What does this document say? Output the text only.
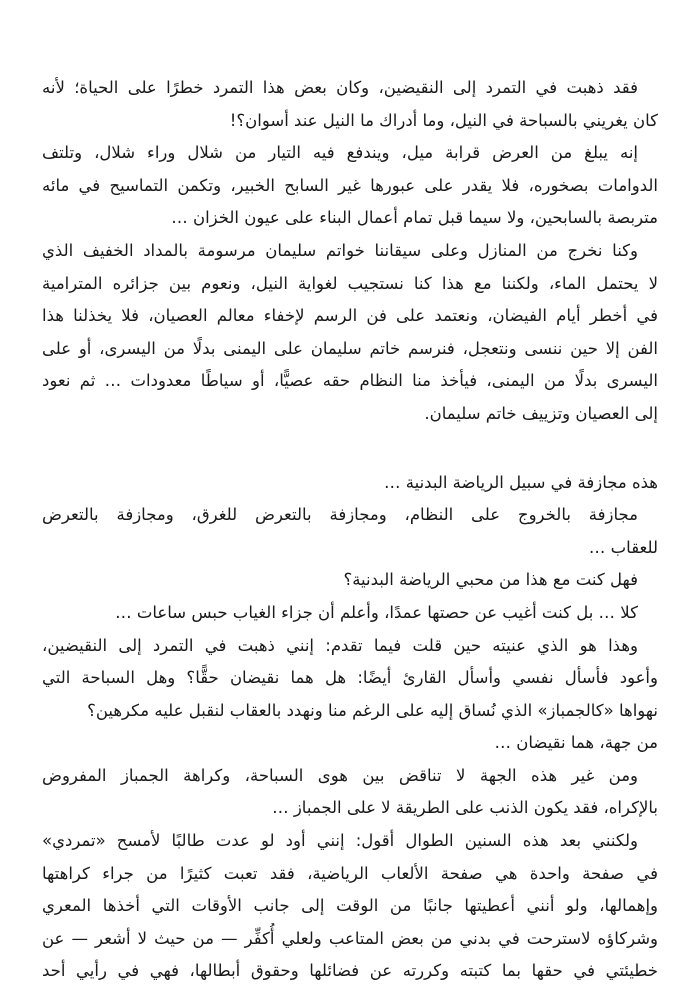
فقد ذهبت في التمرد إلى النقيضين، وكان بعض هذا التمرد خطرًا على الحياة؛ لأنه
كان يغريني بالسباحة في النيل، وما أدراك ما النيل عند أسوان؟!
إنه يبلغ من العرض قرابة ميل، ويندفع فيه التيار من شلال وراء شلال، وتلتف
الدوامات بصخوره، فلا يقدر على عبورها غير السابح الخبير، وتكمن التماسيح في مائه
متربصة بالسابحين، ولا سيما قبل تمام أعمال البناء على عيون الخزان …
وكنا نخرج من المنازل وعلى سيقاننا خواتم سليمان مرسومة بالمداد الخفيف الذي
لا يحتمل الماء، ولكننا مع هذا كنا نستجيب لغواية النيل، ونعوم بين جزائره المترامية
في أخطر أيام الفيضان، ونعتمد على فن الرسم لإخفاء معالم العصيان، فلا يخذلنا هذا
الفن إلا حين ننسى ونتعجل، فنرسم خاتم سليمان على اليمنى بدلًا من اليسرى، أو على
اليسرى بدلًا من اليمنى، فيأخذ منا النظام حقه عصيًّا، أو سياطًا معدودات … ثم نعود
إلى العصيان وتزييف خاتم سليمان.
هذه مجازفة في سبيل الرياضة البدنية …
مجازفة بالخروج على النظام، ومجازفة بالتعرض للغرق، ومجازفة بالتعرض
للعقاب …
فهل كنت مع هذا من محبي الرياضة البدنية؟
كلا … بل كنت أغيب عن حصتها عمدًا، وأعلم أن جزاء الغياب حبس ساعات …
وهذا هو الذي عنيته حين قلت فيما تقدم: إنني ذهبت في التمرد إلى النقيضين،
وأعود فأسأل نفسي وأسأل القارئ أيضًا: هل هما نقيضان حقًّا؟ وهل السباحة التي
نهواها «كالجمباز» الذي نُساق إليه على الرغم منا ونهدد بالعقاب لنقبل عليه مكرهين؟
من جهة، هما نقيضان …
ومن غير هذه الجهة لا تناقض بين هوى السباحة، وكراهة الجمباز المفروض
بالإكراه، فقد يكون الذنب على الطريقة لا على الجمباز …
ولكنني بعد هذه السنين الطوال أقول: إنني أود لو عدت طالبًا لأمسح «تمردي»
في صفحة واحدة هي صفحة الألعاب الرياضية، فقد تعبت كثيرًا من جراء كراهتها
وإهمالها، ولو أنني أعطيتها جانبًا من الوقت إلى جانب الأوقات التي أخذها المعري
وشركاؤه لاسترحت في بدني من بعض المتاعب ولعلي أُكفِّر — من حيث لا أشعر — عن
خطيئتي في حقها بما كتبته وكررته عن فضائلها وحقوق أبطالها، فهي في رأيي أحد
